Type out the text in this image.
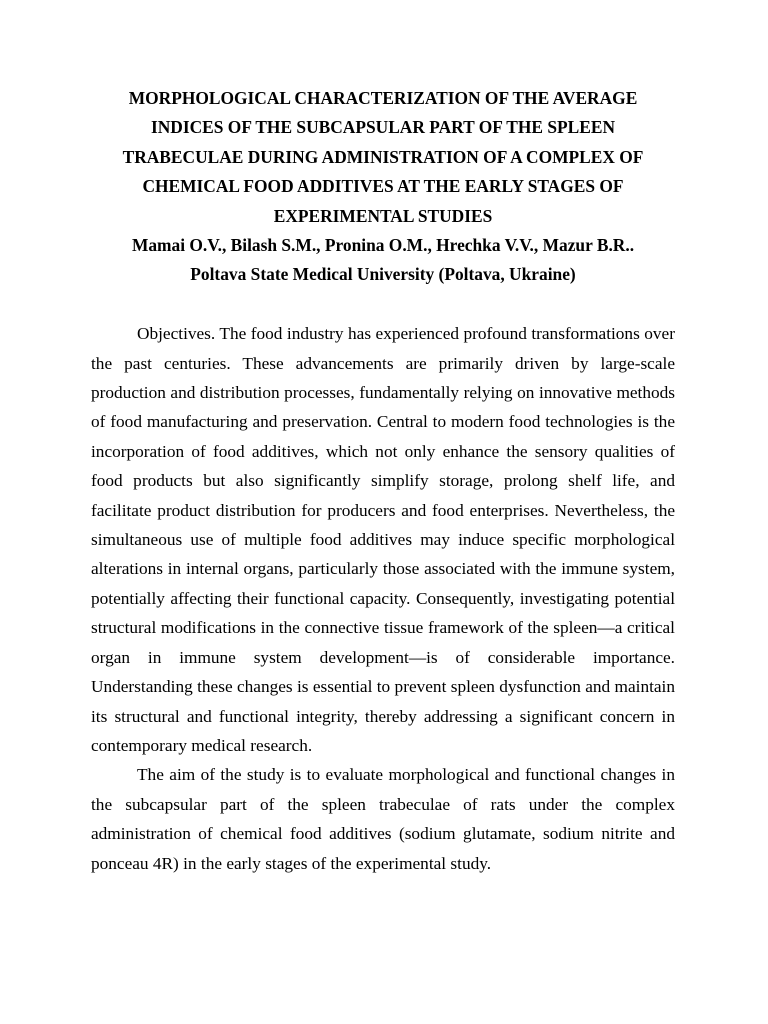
MORPHOLOGICAL CHARACTERIZATION OF THE AVERAGE
INDICES OF THE SUBCAPSULAR PART OF THE SPLEEN
TRABECULAE DURING ADMINISTRATION OF A COMPLEX OF
CHEMICAL FOOD ADDITIVES AT THE EARLY STAGES OF
EXPERIMENTAL STUDIES

Mamai O.V., Bilash S.M., Pronina O.M., Hrechka V.V., Mazur B.R..

Poltava State Medical University (Poltava, Ukraine)

Objectives. The food industry has experienced profound transformations over the past centuries. These advancements are primarily driven by large-scale production and distribution processes, fundamentally relying on innovative methods of food manufacturing and preservation. Central to modern food technologies is the incorporation of food additives, which not only enhance the sensory qualities of food products but also significantly simplify storage, prolong shelf life, and facilitate product distribution for producers and food enterprises. Nevertheless, the simultaneous use of multiple food additives may induce specific morphological alterations in internal organs, particularly those associated with the immune system, potentially affecting their functional capacity. Consequently, investigating potential structural modifications in the connective tissue framework of the spleen—a critical organ in immune system development—is of considerable importance. Understanding these changes is essential to prevent spleen dysfunction and maintain its structural and functional integrity, thereby addressing a significant concern in contemporary medical research.

The aim of the study is to evaluate morphological and functional changes in the subcapsular part of the spleen trabeculae of rats under the complex administration of chemical food additives (sodium glutamate, sodium nitrite and ponceau 4R) in the early stages of the experimental study.
